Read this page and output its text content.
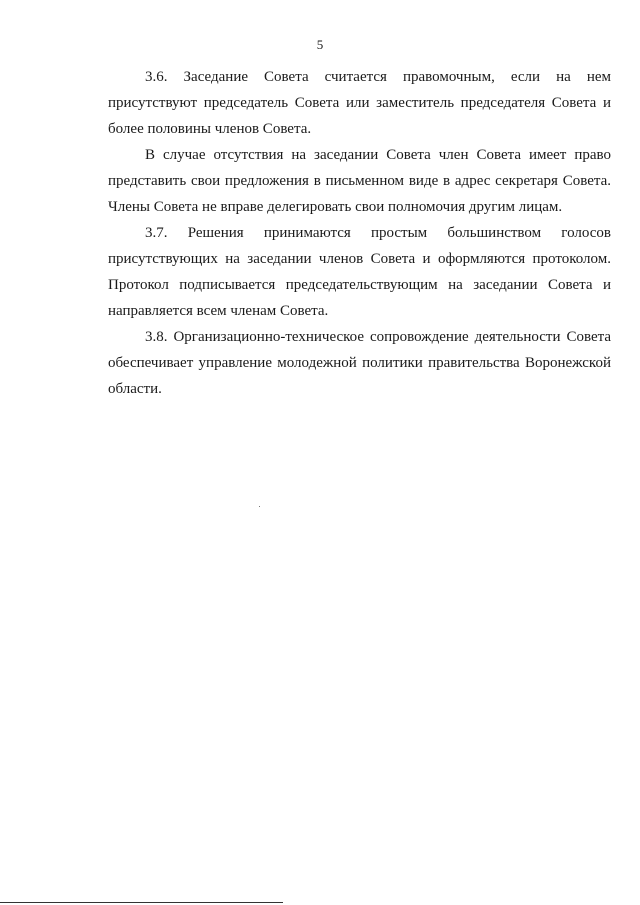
5

3.6. Заседание Совета считается правомочным, если на нем присутствуют председатель Совета или заместитель председателя Совета и более половины членов Совета.

В случае отсутствия на заседании Совета член Совета имеет право представить свои предложения в письменном виде в адрес секретаря Совета. Члены Совета не вправе делегировать свои полномочия другим лицам.

3.7. Решения принимаются простым большинством голосов присутствующих на заседании членов Совета и оформляются протоколом. Протокол подписывается председательствующим на заседании Совета и направляется всем членам Совета.

3.8. Организационно-техническое сопровождение деятельности Совета обеспечивает управление молодежной политики правительства Воронежской области.
